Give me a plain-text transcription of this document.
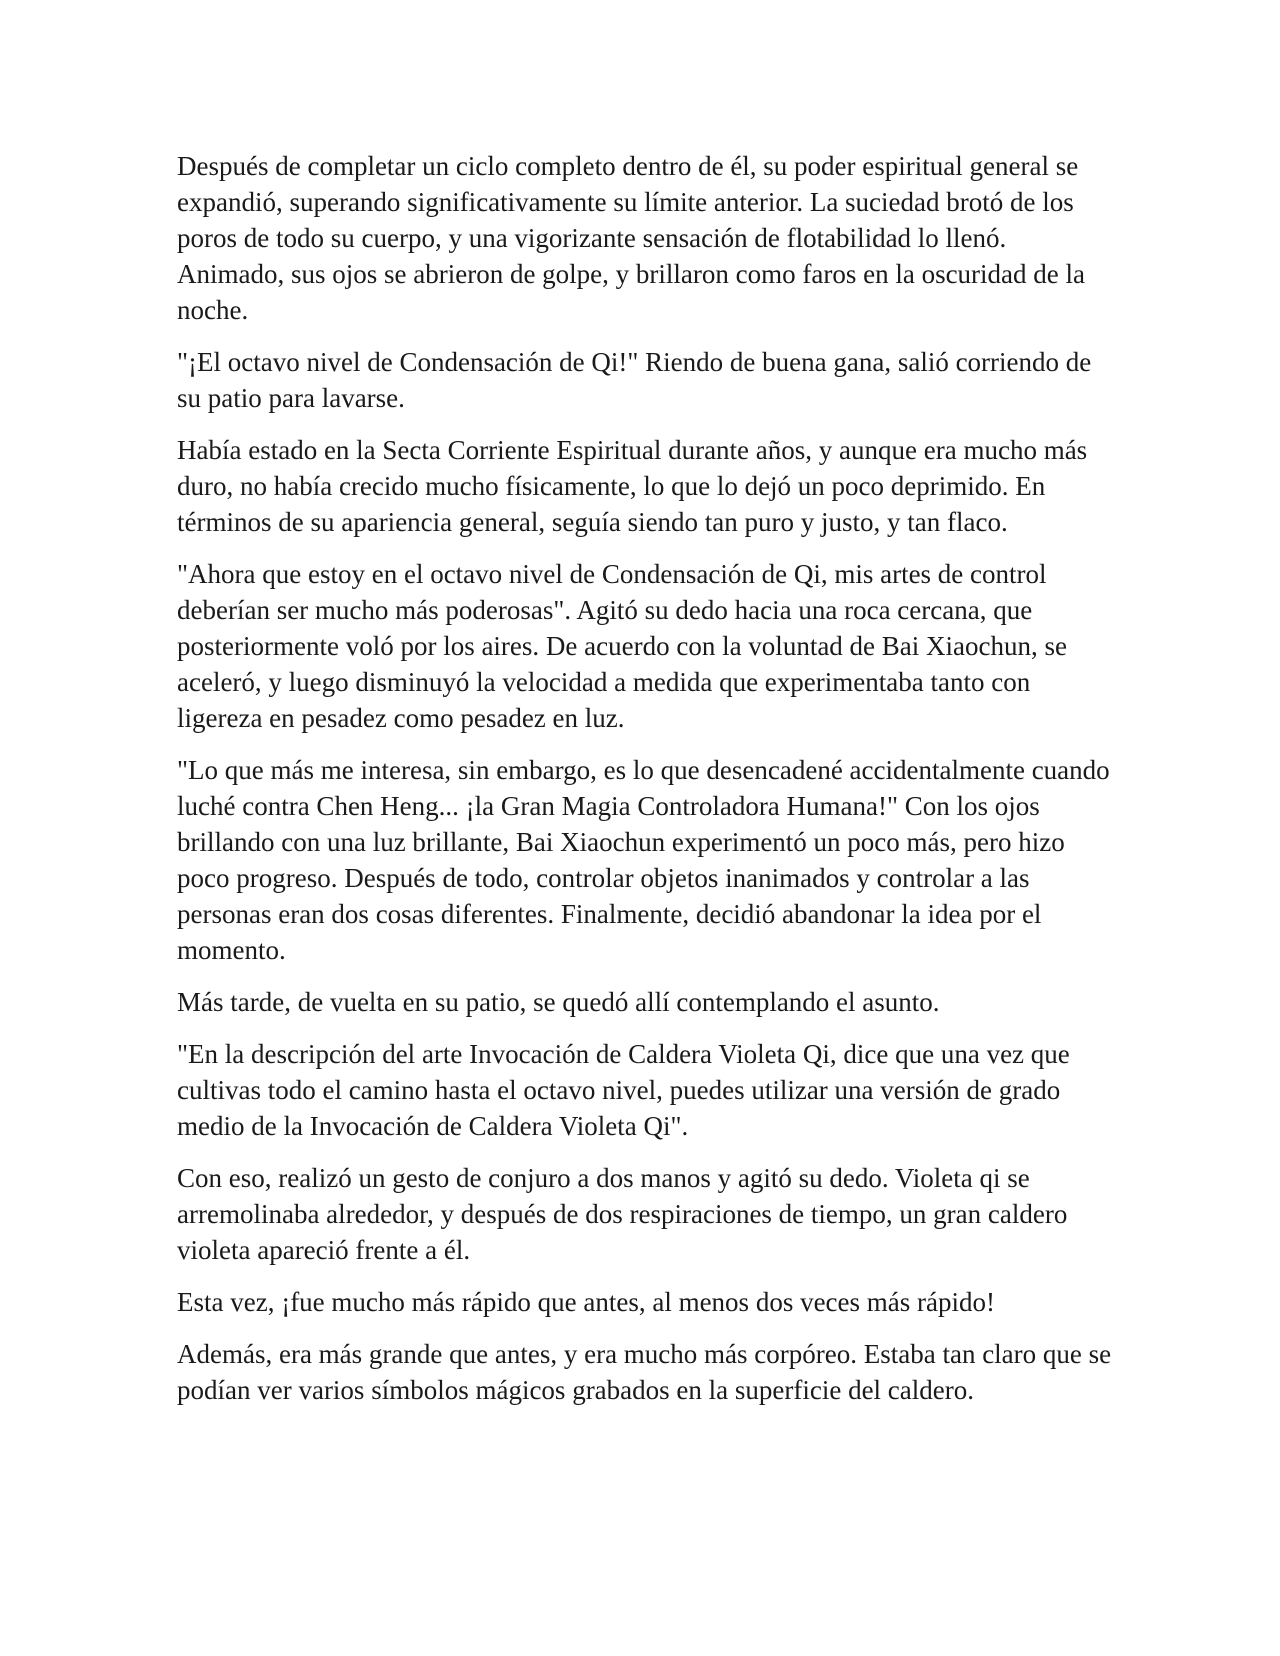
Después de completar un ciclo completo dentro de él, su poder espiritual general se expandió, superando significativamente su límite anterior. La suciedad brotó de los poros de todo su cuerpo, y una vigorizante sensación de flotabilidad lo llenó. Animado, sus ojos se abrieron de golpe, y brillaron como faros en la oscuridad de la noche.

"¡El octavo nivel de Condensación de Qi!" Riendo de buena gana, salió corriendo de su patio para lavarse.

Había estado en la Secta Corriente Espiritual durante años, y aunque era mucho más duro, no había crecido mucho físicamente, lo que lo dejó un poco deprimido. En términos de su apariencia general, seguía siendo tan puro y justo, y tan flaco.

"Ahora que estoy en el octavo nivel de Condensación de Qi, mis artes de control deberían ser mucho más poderosas". Agitó su dedo hacia una roca cercana, que posteriormente voló por los aires. De acuerdo con la voluntad de Bai Xiaochun, se aceleró, y luego disminuyó la velocidad a medida que experimentaba tanto con ligereza en pesadez como pesadez en luz.

"Lo que más me interesa, sin embargo, es lo que desencadené accidentalmente cuando luché contra Chen Heng... ¡la Gran Magia Controladora Humana!" Con los ojos brillando con una luz brillante, Bai Xiaochun experimentó un poco más, pero hizo poco progreso. Después de todo, controlar objetos inanimados y controlar a las personas eran dos cosas diferentes. Finalmente, decidió abandonar la idea por el momento.

Más tarde, de vuelta en su patio, se quedó allí contemplando el asunto.

"En la descripción del arte Invocación de Caldera Violeta Qi, dice que una vez que cultivas todo el camino hasta el octavo nivel, puedes utilizar una versión de grado medio de la Invocación de Caldera Violeta Qi".

Con eso, realizó un gesto de conjuro a dos manos y agitó su dedo. Violeta qi se arremolinaba alrededor, y después de dos respiraciones de tiempo, un gran caldero violeta apareció frente a él.

Esta vez, ¡fue mucho más rápido que antes, al menos dos veces más rápido!

Además, era más grande que antes, y era mucho más corpóreo. Estaba tan claro que se podían ver varios símbolos mágicos grabados en la superficie del caldero.
